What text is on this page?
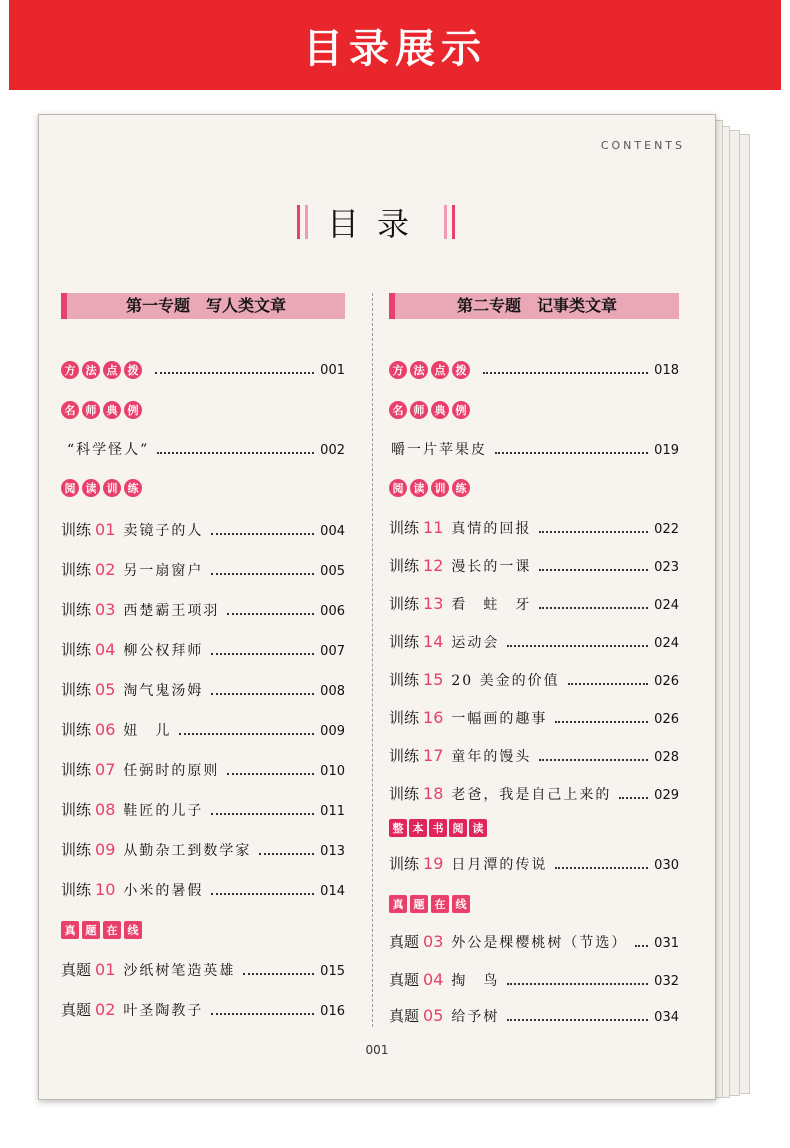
目录展示
CONTENTS
目录
第一专题　写人类文章
方 法 点 拨	001
名 师 典 例
“科学怪人”	002
阅 读 训 练
训练 01 卖镜子的人	004
训练 02 另一扇窗户	005
训练 03 西楚霸王项羽	006
训练 04 柳公权拜师	007
训练 05 淘气鬼汤姆	008
训练 06 妞　儿	009
训练 07 任弼时的原则	010
训练 08 鞋匠的儿子	011
训练 09 从勤杂工到数学家	013
训练 10 小米的暑假	014
真 题 在 线
真题 01 沙纸树笔造英雄	015
真题 02 叶圣陶教子	016
第二专题　记事类文章
方 法 点 拨	018
名 师 典 例
嚼一片苹果皮	019
阅 读 训 练
训练 11 真情的回报	022
训练 12 漫长的一课	023
训练 13 看　蛀　牙	024
训练 14 运动会	024
训练 15 20 美金的价值	026
训练 16 一幅画的趣事	026
训练 17 童年的馒头	028
训练 18 老爸，我是自己上来的	029
整 本 书 阅 读
训练 19 日月潭的传说	030
真 题 在 线
真题 03 外公是棵樱桃树（节选） 031
真题 04 掏　鸟	032
真题 05 给予树	034
001
